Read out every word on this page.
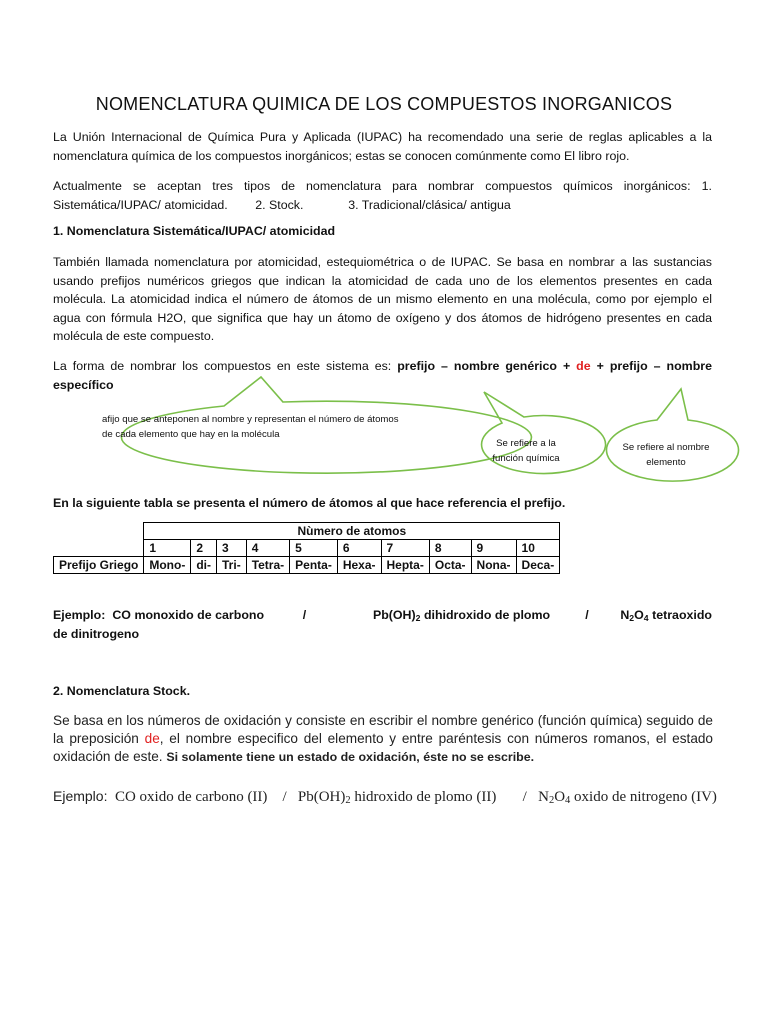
NOMENCLATURA QUIMICA DE LOS COMPUESTOS INORGANICOS

La Unión Internacional de Química Pura y Aplicada (IUPAC) ha recomendado una serie de reglas aplicables a la nomenclatura química de los compuestos inorgánicos; estas se conocen comúnmente como El libro rojo.

Actualmente se aceptan tres tipos de nomenclatura para nombrar compuestos químicos inorgánicos: 1. Sistemática/IUPAC/ atomicidad. 2. Stock.	3. Tradicional/clásica/ antigua

1. Nomenclatura Sistemática/IUPAC/ atomicidad

También llamada nomenclatura por atomicidad, estequiométrica o de IUPAC. Se basa en nombrar a las sustancias usando prefijos numéricos griegos que indican la atomicidad de cada uno de los elementos presentes en cada molécula. La atomicidad indica el número de átomos de un mismo elemento en una molécula, como por ejemplo el agua con fórmula H2O, que significa que hay un átomo de oxígeno y dos átomos de hidrógeno presentes en cada molécula de este compuesto.

La forma de nombrar los compuestos en este sistema es: prefijo – nombre genérico + de + prefijo – nombre específico

afijo que se anteponen al nombre y representan el número de átomos de cada elemento que hay en la molécula
Se refiere a la función química
Se refiere al nombre elemento

En la siguiente tabla se presenta el número de átomos al que hace referencia el prefijo.

	Nùmero de atomos									
	1	2	3	4	5	6	7	8	9	10
Prefijo Griego	Mono-	di-	Tri-	Tetra-	Penta-	Hexa-	Hepta-	Octa-	Nona-	Deca-

Ejemplo: CO monoxido de carbono	/	$Pb(OH)_2$ dihidroxido de plomo	/	$N_2O_4$ tetraoxido de dinitrogeno

2. Nomenclatura Stock.

Se basa en los números de oxidación y consiste en escribir el nombre genérico (función química) seguido de la preposición de, el nombre especifico del elemento y entre paréntesis con números romanos, el estado oxidación de este. Si solamente tiene un estado de oxidación, éste no se escribe.

Ejemplo: CO oxido de carbono $(II) / Pb(OH)_2$ hidroxido de plomo $(II) / N_2O_4$ oxido de nitrogeno (IV)
